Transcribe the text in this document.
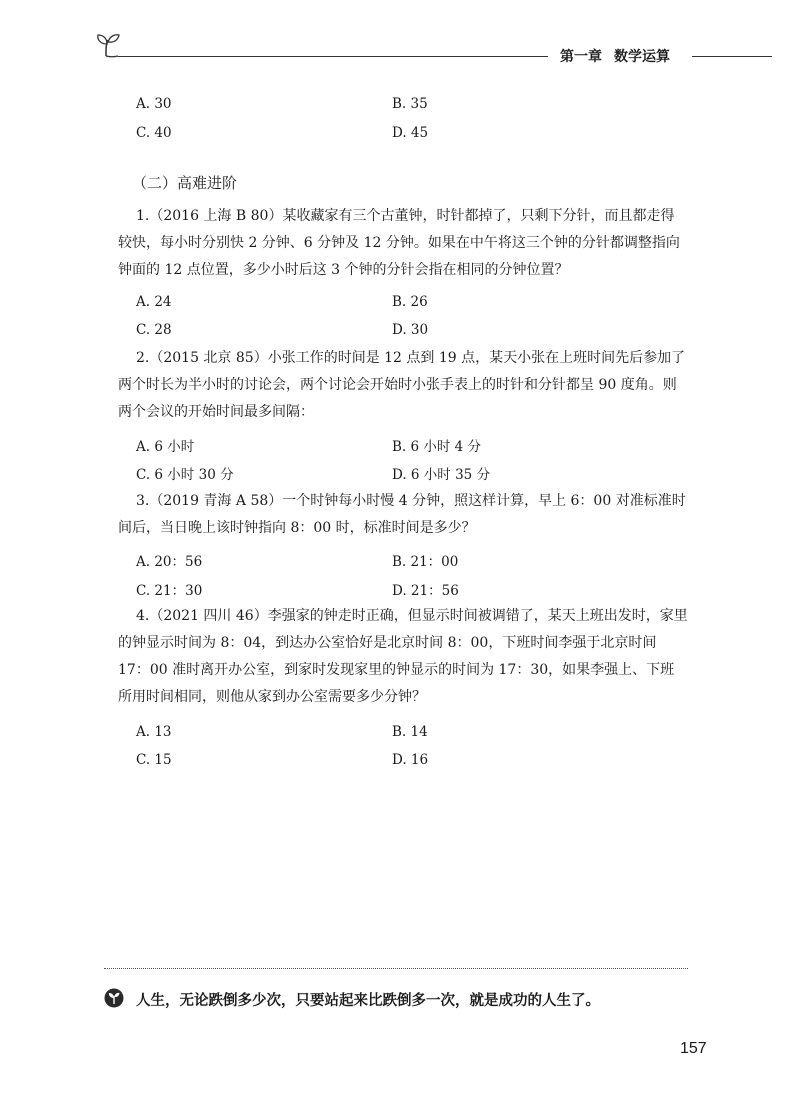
第一章 数学运算
A. 30	B. 35
C. 40	D. 45
（二）高难进阶
1.（2016 上海 B 80）某收藏家有三个古董钟，时针都掉了，只剩下分针，而且都走得较快，每小时分别快 2 分钟、6 分钟及 12 分钟。如果在中午将这三个钟的分针都调整指向钟面的 12 点位置，多少小时后这 3 个钟的分针会指在相同的分钟位置？
A. 24	B. 26
C. 28	D. 30
2.（2015 北京 85）小张工作的时间是 12 点到 19 点，某天小张在上班时间先后参加了两个时长为半小时的讨论会，两个讨论会开始时小张手表上的时针和分针都呈 90 度角。则两个会议的开始时间最多间隔：
A. 6 小时	B. 6 小时 4 分
C. 6 小时 30 分	D. 6 小时 35 分
3.（2019 青海 A 58）一个时钟每小时慢 4 分钟，照这样计算，早上 6：00 对准标准时间后，当日晚上该时钟指向 8：00 时，标准时间是多少？
A. 20：56	B. 21：00
C. 21：30	D. 21：56
4.（2021 四川 46）李强家的钟走时正确，但显示时间被调错了，某天上班出发时，家里的钟显示时间为 8：04，到达办公室恰好是北京时间 8：00，下班时间李强于北京时间 17：00 准时离开办公室，到家时发现家里的钟显示的时间为 17：30，如果李强上、下班所用时间相同，则他从家到办公室需要多少分钟？
A. 13	B. 14
C. 15	D. 16
人生，无论跌倒多少次，只要站起来比跌倒多一次，就是成功的人生了。
157
